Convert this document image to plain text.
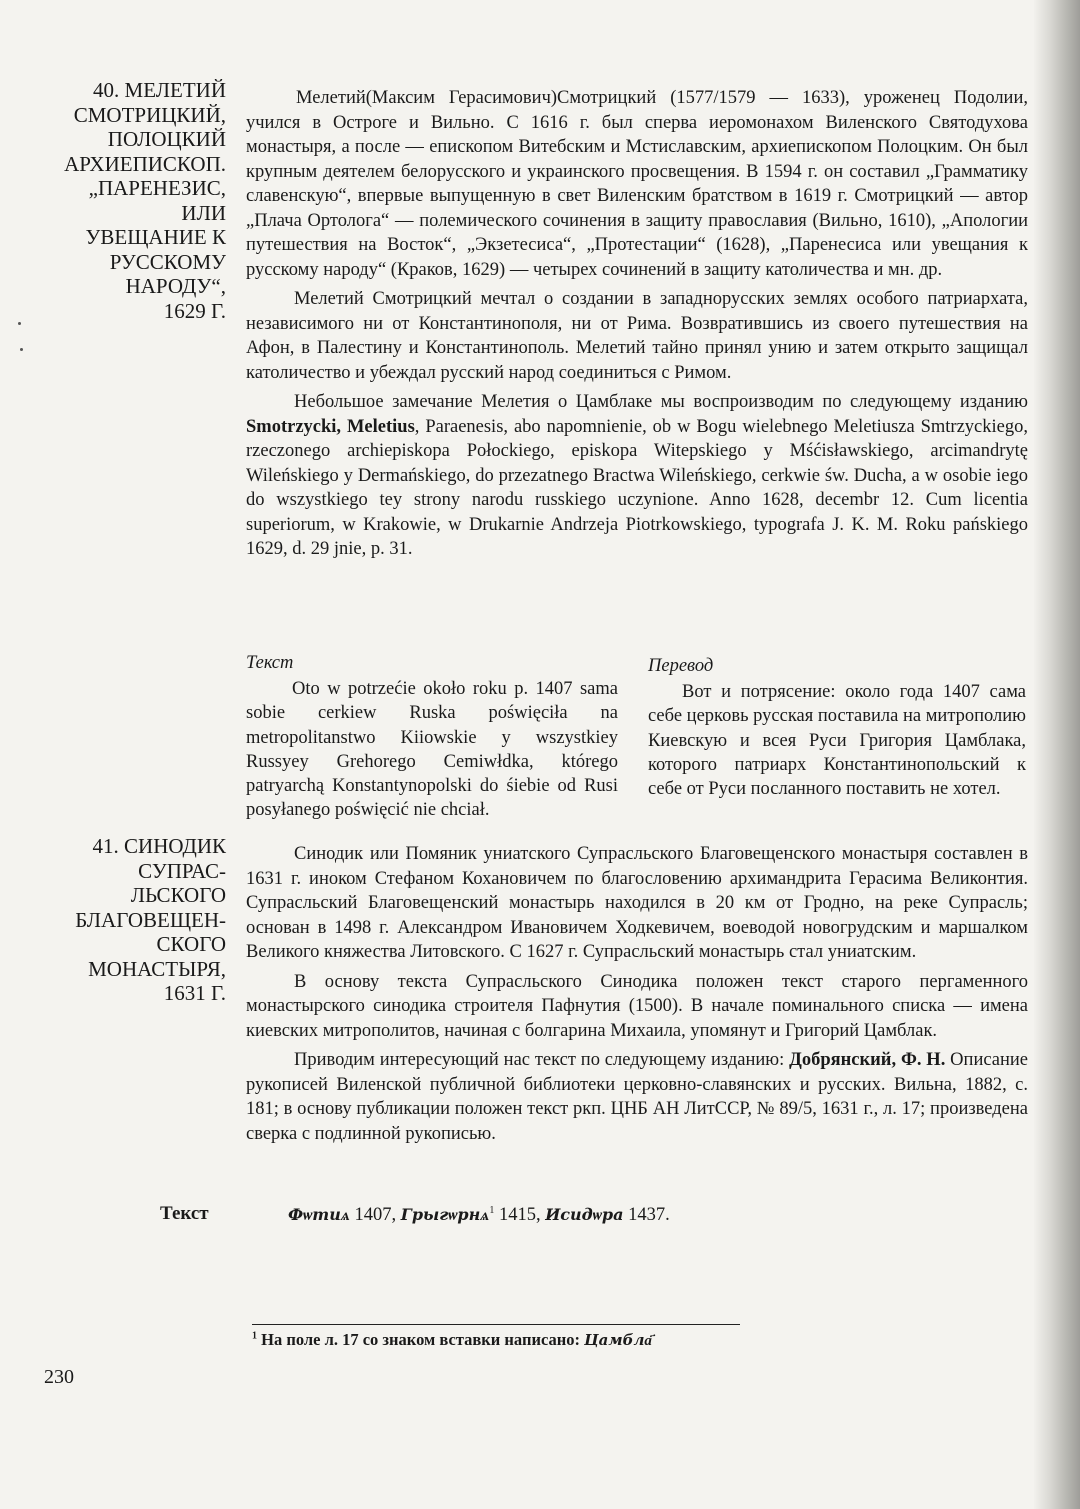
40. МЕЛЕТИЙ
СМОТРИЦКИЙ,
ПОЛОЦКИЙ
АРХИЕПИСКОП.
„ПАРЕНЕЗИС,
ИЛИ
УВЕЩАНИЕ К
РУССКОМУ
НАРОДУ“,
1629 Г.

Мелетий(Максим Герасимович)Смотрицкий (1577/1579 — 1633), уроженец Подолии, учился в Остроге и Вильно. С 1616 г. был сперва иеромонахом Виленского Святодухова монастыря, а после — епископом Витебским и Мстиславским, архиепископом Полоцким. Он был крупным деятелем белорусского и украинского просвещения. В 1594 г. он составил „Грамматику славенскую“, впервые выпущенную в свет Виленским братством в 1619 г. Смотрицкий — автор „Плача Ортолога“ — полемического сочинения в защиту православия (Вильно, 1610), „Апологии путешествия на Восток“, „Экзетесиса“, „Протестации“ (1628), „Паренесиса или увещания к русскому народу“ (Краков, 1629) — четырех сочинений в защиту католичества и мн. др.

Мелетий Смотрицкий мечтал о создании в западнорусских землях особого патриархата, независимого ни от Константинополя, ни от Рима. Возвратившись из своего путешествия на Афон, в Палестину и Константинополь. Мелетий тайно принял унию и затем открыто защищал католичество и убеждал русский народ соединиться с Римом.

Небольшое замечание Мелетия о Цамблаке мы воспроизводим по следующему изданию Smotrzycki, Meletius, Paraenesis, abo napomnienie, ob w Bogu wielebnego Meletiusza Smtrzyckiego, rzeczonego archiepiskopa Połockiego, episkopa Witepskiego y Mśćisławskiego, arcimandrytę Wileńskiego y Dermańskiego, do przezatnego Bractwa Wileńskiego, cerkwie św. Ducha, a w osobie iego do wszystkiego tey strony narodu russkiego uczynione. Anno 1628, decembr 12. Cum licentia superiorum, w Krakowie, w Drukarnie Andrzeja Piotrkowskiego, typografa J. K. M. Roku pańskiego 1629, d. 29 jnie, p. 31.

Текст

Oto w potrzećie około roku p. 1407 sama sobie cerkiew Ruska poświęciła na metropolitanstwo Kiiowskie y wszystkiey Russyey Grehorego Cemiwłdka, którego patryarchą Konstantynopolski do śiebie od Rusi posyłanego poświęcić nie chciał.

Перевод

Вот и потрясение: около года 1407 сама себе церковь русская поставила на митрополию Киевскую и всея Руси Григория Цамблака, которого патриарх Константинопольский к себе от Руси посланного поставить не хотел.

41. СИНОДИК
СУПРАС-
ЛЬСКОГО
БЛАГОВЕЩЕН-
СКОГО
МОНАСТЫРЯ,
1631 Г.

Синодик или Помяник униатского Супрасльского Благовещенского монастыря составлен в 1631 г. иноком Стефаном Кохановичем по благословению архимандрита Герасима Великонтия. Супрасльский Благовещенский монастырь находился в 20 км от Гродно, на реке Супрасль; основан в 1498 г. Александром Ивановичем Ходкевичем, воеводой новогрудским и маршалком Великого княжества Литовского. С 1627 г. Супрасльский монастырь стал униатским.

В основу текста Супрасльского Синодика положен текст старого пергаменного монастырского синодика строителя Пафнутия (1500). В начале поминального списка — имена киевских митрополитов, начиная с болгарина Михаила, упомянут и Григорий Цамблак.

Приводим интересующий нас текст по следующему изданию: Добрянский, Ф. Н. Описание рукописей Виленской публичной библиотеки церковно-славянских и русских. Вильна, 1882, с. 181; в основу публикации положен текст ркп. ЦНБ АН ЛитССР, № 89/5, 1631 г., л. 17; произведена сверка с подлинной рукописью.

Текст	Фѡтиѧ 1407, Грыгѡрнѧ$^1$ 1415, Исидѡра 1437.
$^1$ На поле л. 17 со знаком вставки написано: Цамбла҃
230
